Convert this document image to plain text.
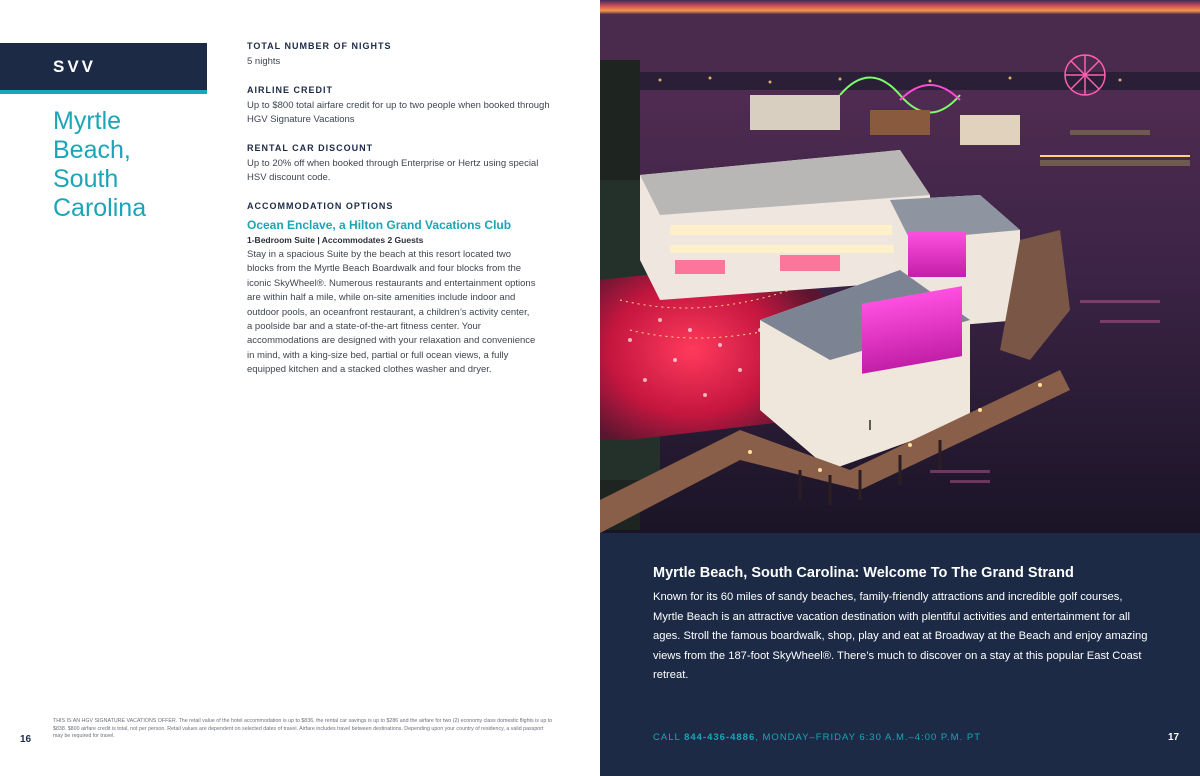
SVV
Myrtle Beach, South Carolina
TOTAL NUMBER OF NIGHTS
5 nights
AIRLINE CREDIT
Up to $800 total airfare credit for up to two people when booked through HGV Signature Vacations
RENTAL CAR DISCOUNT
Up to 20% off when booked through Enterprise or Hertz using special HSV discount code.
ACCOMMODATION OPTIONS
Ocean Enclave, a Hilton Grand Vacations Club
1-Bedroom Suite | Accommodates 2 Guests
Stay in a spacious Suite by the beach at this resort located two blocks from the Myrtle Beach Boardwalk and four blocks from the iconic SkyWheel®. Numerous restaurants and entertainment options are within half a mile, while on-site amenities include indoor and outdoor pools, an oceanfront restaurant, a children’s activity center, a poolside bar and a state-of-the-art fitness center. Your accommodations are designed with your relaxation and convenience in mind, with a king-size bed, partial or full ocean views, a fully equipped kitchen and a stacked clothes washer and dryer.
16
THIS IS AN HGV SIGNATURE VACATIONS OFFER. The retail value of the hotel accommodation is up to $836, the rental car savings is up to $286 and the airfare for two (2) economy class domestic flights is up to $838. $800 airfare credit is total, not per person. Retail values are dependent on selected dates of travel. Airfare includes travel between destinations. Depending upon your country of residency, a valid passport may be required for travel.
Myrtle Beach, South Carolina: Welcome To The Grand Strand
Known for its 60 miles of sandy beaches, family-friendly attractions and incredible golf courses, Myrtle Beach is an attractive vacation destination with plentiful activities and entertainment for all ages. Stroll the famous boardwalk, shop, play and eat at Broadway at the Beach and enjoy amazing views from the 187-foot SkyWheel®. There’s much to discover on a stay at this popular East Coast retreat.
CALL 844-436-4886, MONDAY–FRIDAY 6:30 A.M.–4:00 P.M. PT	17
